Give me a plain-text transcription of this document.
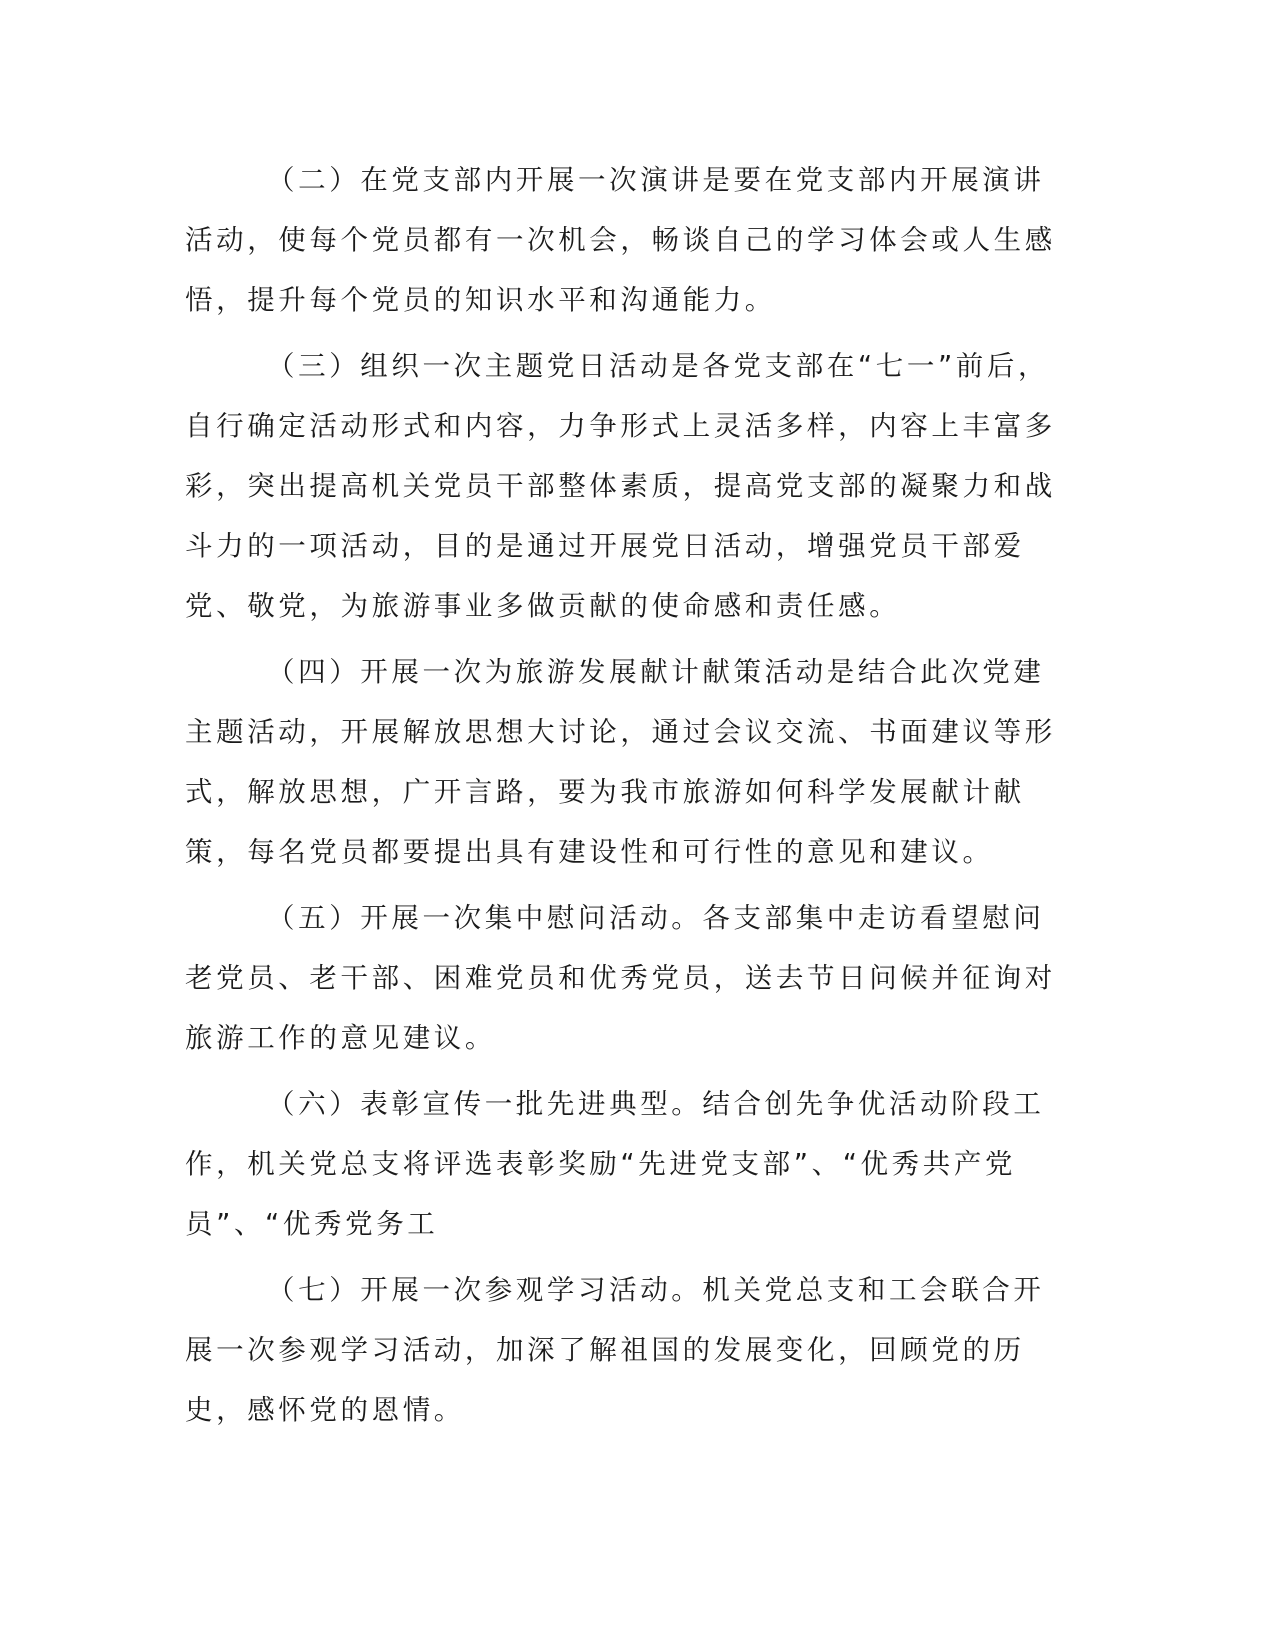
（二）在党支部内开展一次演讲是要在党支部内开展演讲活动，使每个党员都有一次机会，畅谈自己的学习体会或人生感悟，提升每个党员的知识水平和沟通能力。

（三）组织一次主题党日活动是各党支部在“七一”前后，自行确定活动形式和内容，力争形式上灵活多样，内容上丰富多彩，突出提高机关党员干部整体素质，提高党支部的凝聚力和战斗力的一项活动，目的是通过开展党日活动，增强党员干部爱党、敬党，为旅游事业多做贡献的使命感和责任感。

（四）开展一次为旅游发展献计献策活动是结合此次党建主题活动，开展解放思想大讨论，通过会议交流、书面建议等形式，解放思想，广开言路，要为我市旅游如何科学发展献计献策，每名党员都要提出具有建设性和可行性的意见和建议。

（五）开展一次集中慰问活动。各支部集中走访看望慰问老党员、老干部、困难党员和优秀党员，送去节日问候并征询对旅游工作的意见建议。

（六）表彰宣传一批先进典型。结合创先争优活动阶段工作，机关党总支将评选表彰奖励“先进党支部”、“优秀共产党员”、“优秀党务工

（七）开展一次参观学习活动。机关党总支和工会联合开展一次参观学习活动，加深了解祖国的发展变化，回顾党的历史，感怀党的恩情。
